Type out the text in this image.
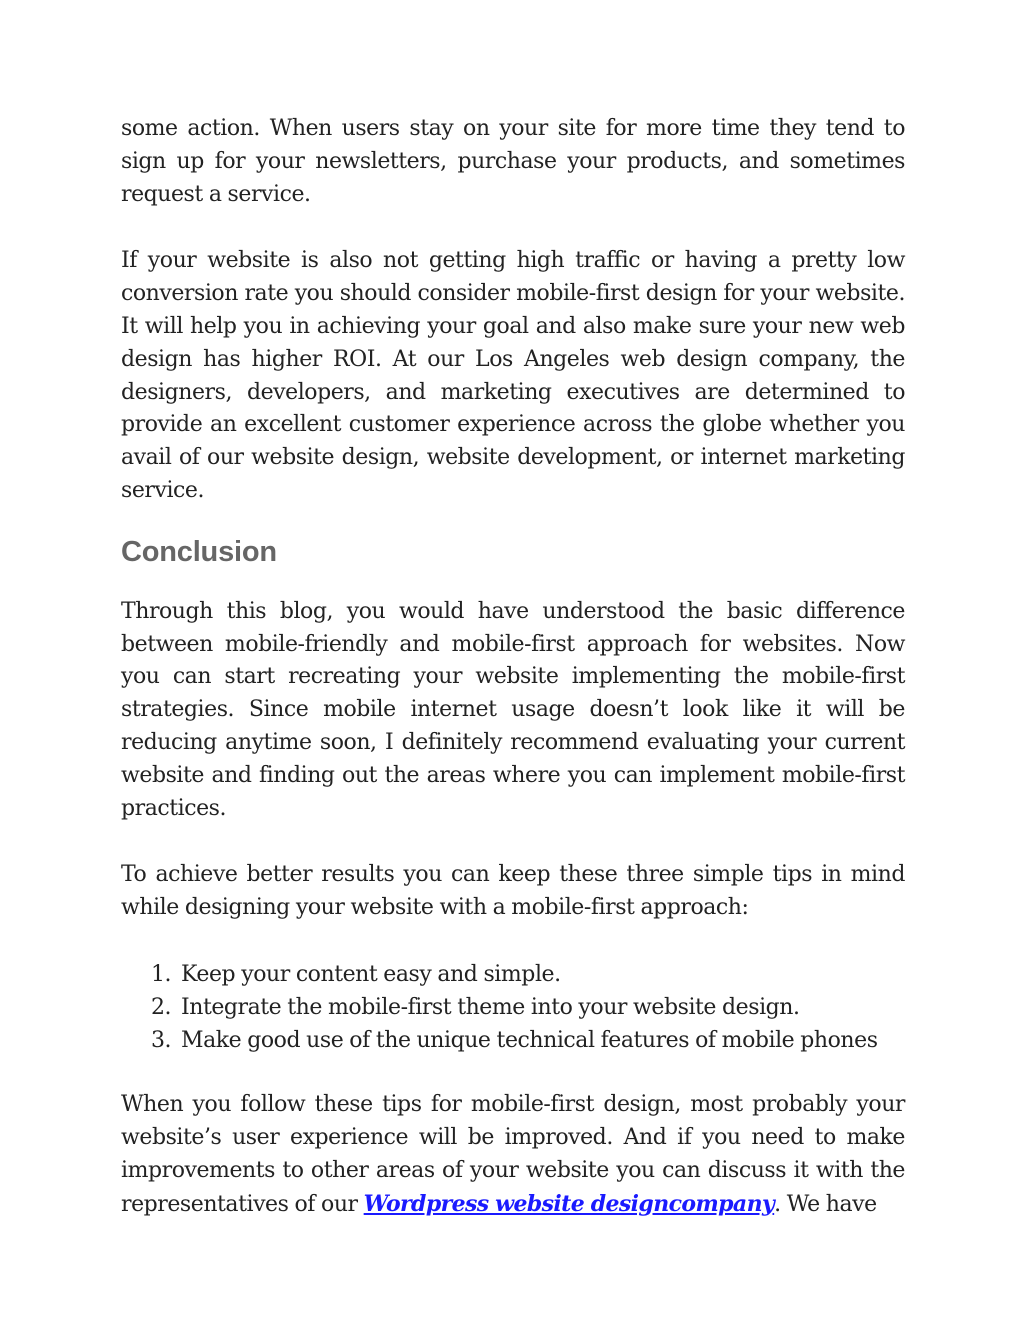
some action. When users stay on your site for more time they tend to sign up for your newsletters, purchase your products, and sometimes request a service.

If your website is also not getting high traffic or having a pretty low conversion rate you should consider mobile-first design for your website. It will help you in achieving your goal and also make sure your new web design has higher ROI. At our Los Angeles web design company, the designers, developers, and marketing executives are determined to provide an excellent customer experience across the globe whether you avail of our website design, website development, or internet marketing service.

Conclusion

Through this blog, you would have understood the basic difference between mobile-friendly and mobile-first approach for websites. Now you can start recreating your website implementing the mobile-first strategies. Since mobile internet usage doesn’t look like it will be reducing anytime soon, I definitely recommend evaluating your current website and finding out the areas where you can implement mobile-first practices.

To achieve better results you can keep these three simple tips in mind while designing your website with a mobile-first approach:

1. Keep your content easy and simple.
2. Integrate the mobile-first theme into your website design.
3. Make good use of the unique technical features of mobile phones

When you follow these tips for mobile-first design, most probably your website’s user experience will be improved. And if you need to make improvements to other areas of your website you can discuss it with the representatives of our Wordpress website designcompany. We have
